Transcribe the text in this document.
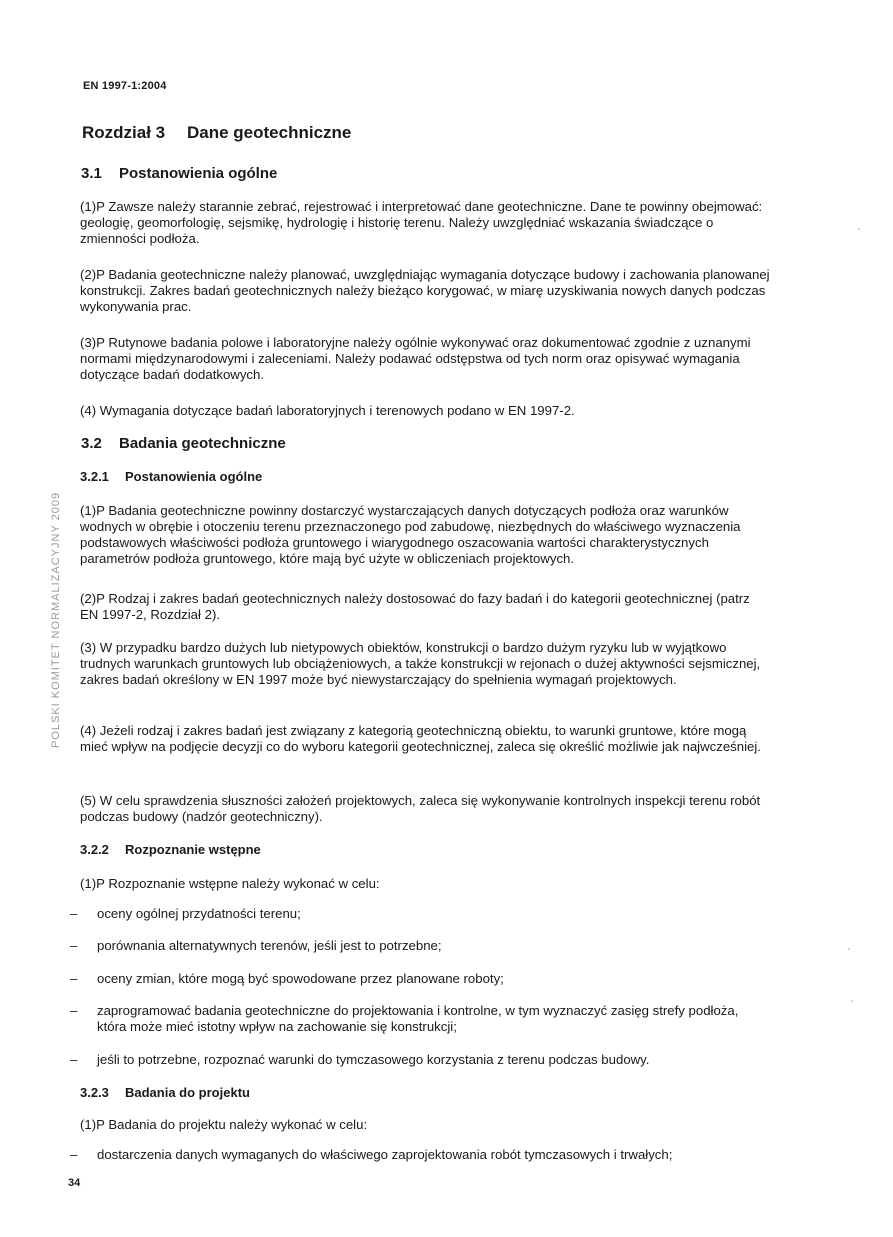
EN 1997-1:2004
Rozdział 3 Dane geotechniczne
3.1 Postanowienia ogólne
(1)P Zawsze należy starannie zebrać, rejestrować i interpretować dane geotechniczne. Dane te powinny obejmować: geologię, geomorfologię, sejsmikę, hydrologię i historię terenu. Należy uwzględniać wskazania świadczące o zmienności podłoża.
(2)P Badania geotechniczne należy planować, uwzględniając wymagania dotyczące budowy i zachowania planowanej konstrukcji. Zakres badań geotechnicznych należy bieżąco korygować, w miarę uzyskiwania nowych danych podczas wykonywania prac.
(3)P Rutynowe badania polowe i laboratoryjne należy ogólnie wykonywać oraz dokumentować zgodnie z uznanymi normami międzynarodowymi i zaleceniami. Należy podawać odstępstwa od tych norm oraz opisywać wymagania dotyczące badań dodatkowych.
(4) Wymagania dotyczące badań laboratoryjnych i terenowych podano w EN 1997-2.
3.2 Badania geotechniczne
3.2.1 Postanowienia ogólne
(1)P Badania geotechniczne powinny dostarczyć wystarczających danych dotyczących podłoża oraz warunków wodnych w obrębie i otoczeniu terenu przeznaczonego pod zabudowę, niezbędnych do właściwego wyznaczenia podstawowych właściwości podłoża gruntowego i wiarygodnego oszacowania wartości charakterystycznych parametrów podłoża gruntowego, które mają być użyte w obliczeniach projektowych.
(2)P Rodzaj i zakres badań geotechnicznych należy dostosować do fazy badań i do kategorii geotechnicznej (patrz EN 1997-2, Rozdział 2).
(3) W przypadku bardzo dużych lub nietypowych obiektów, konstrukcji o bardzo dużym ryzyku lub w wyjątkowo trudnych warunkach gruntowych lub obciążeniowych, a także konstrukcji w rejonach o dużej aktywności sejsmicznej, zakres badań określony w EN 1997 może być niewystarczający do spełnienia wymagań projektowych.
(4) Jeżeli rodzaj i zakres badań jest związany z kategorią geotechniczną obiektu, to warunki gruntowe, które mogą mieć wpływ na podjęcie decyzji co do wyboru kategorii geotechnicznej, zaleca się określić możliwie jak najwcześniej.
(5) W celu sprawdzenia słuszności założeń projektowych, zaleca się wykonywanie kontrolnych inspekcji terenu robót podczas budowy (nadzór geotechniczny).
3.2.2 Rozpoznanie wstępne
(1)P Rozpoznanie wstępne należy wykonać w celu:
– oceny ogólnej przydatności terenu;
– porównania alternatywnych terenów, jeśli jest to potrzebne;
– oceny zmian, które mogą być spowodowane przez planowane roboty;
– zaprogramować badania geotechniczne do projektowania i kontrolne, w tym wyznaczyć zasięg strefy podłoża, która może mieć istotny wpływ na zachowanie się konstrukcji;
– jeśli to potrzebne, rozpoznać warunki do tymczasowego korzystania z terenu podczas budowy.
3.2.3 Badania do projektu
(1)P Badania do projektu należy wykonać w celu:
– dostarczenia danych wymaganych do właściwego zaprojektowania robót tymczasowych i trwałych;
POLSKI KOMITET NORMALIZACYJNY 2009
34
